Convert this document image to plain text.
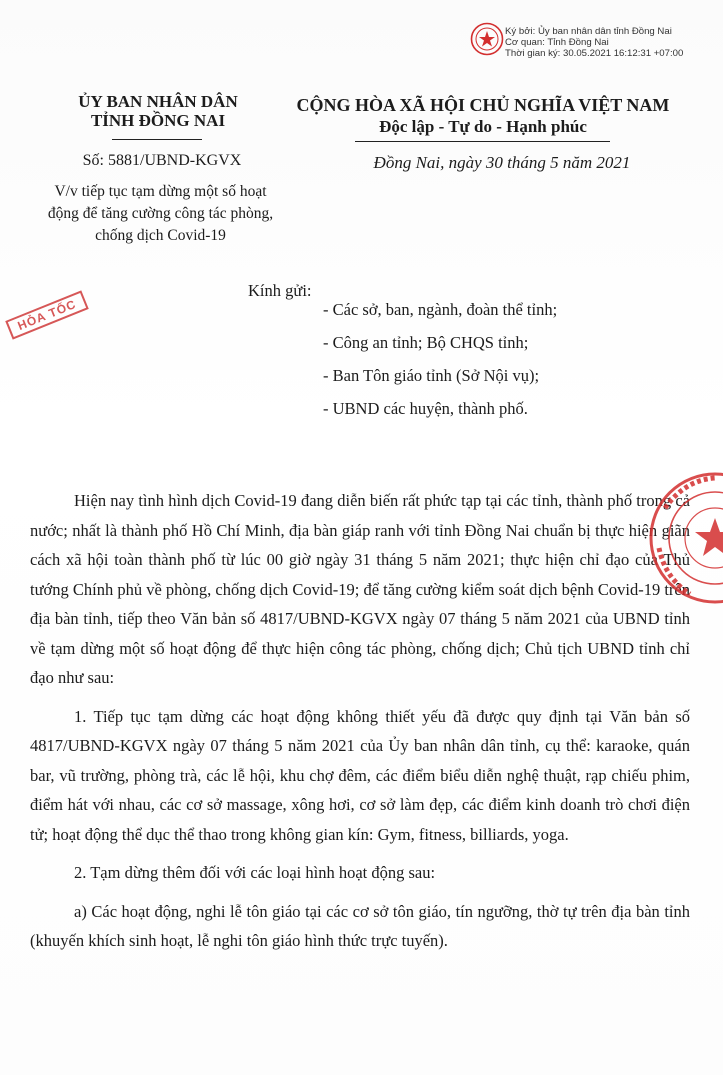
Ký bởi: Ủy ban nhân dân tỉnh Đồng Nai
Cơ quan: Tỉnh Đồng Nai
Thời gian ký: 30.05.2021 16:12:31 +07:00
ỦY BAN NHÂN DÂN
TỈNH ĐỒNG NAI
CỘNG HÒA XÃ HỘI CHỦ NGHĨA VIỆT NAM
Độc lập - Tự do - Hạnh phúc
Số: 5881/UBND-KGVX
V/v tiếp tục tạm dừng một số hoạt động để tăng cường công tác phòng, chống dịch Covid-19
Đồng Nai, ngày 30 tháng 5 năm 2021
HỎA TỐC
Kính gửi:
- Các sở, ban, ngành, đoàn thể tỉnh;
- Công an tỉnh; Bộ CHQS tỉnh;
- Ban Tôn giáo tỉnh (Sở Nội vụ);
- UBND các huyện, thành phố.

Hiện nay tình hình dịch Covid-19 đang diễn biến rất phức tạp tại các tỉnh, thành phố trong cả nước; nhất là thành phố Hồ Chí Minh, địa bàn giáp ranh với tỉnh Đồng Nai chuẩn bị thực hiện giãn cách xã hội toàn thành phố từ lúc 00 giờ ngày 31 tháng 5 năm 2021; thực hiện chỉ đạo của Thủ tướng Chính phủ về phòng, chống dịch Covid-19; để tăng cường kiểm soát dịch bệnh Covid-19 trên địa bàn tỉnh, tiếp theo Văn bản số 4817/UBND-KGVX ngày 07 tháng 5 năm 2021 của UBND tỉnh về tạm dừng một số hoạt động để thực hiện công tác phòng, chống dịch; Chủ tịch UBND tỉnh chỉ đạo như sau:

1. Tiếp tục tạm dừng các hoạt động không thiết yếu đã được quy định tại Văn bản số 4817/UBND-KGVX ngày 07 tháng 5 năm 2021 của Ủy ban nhân dân tỉnh, cụ thể: karaoke, quán bar, vũ trường, phòng trà, các lễ hội, khu chợ đêm, các điểm biểu diễn nghệ thuật, rạp chiếu phim, điểm hát với nhau, các cơ sở massage, xông hơi, cơ sở làm đẹp, các điểm kinh doanh trò chơi điện tử; hoạt động thể dục thể thao trong không gian kín: Gym, fitness, billiards, yoga.

2. Tạm dừng thêm đối với các loại hình hoạt động sau:

a) Các hoạt động, nghi lễ tôn giáo tại các cơ sở tôn giáo, tín ngưỡng, thờ tự trên địa bàn tỉnh (khuyến khích sinh hoạt, lễ nghi tôn giáo hình thức trực tuyến).
